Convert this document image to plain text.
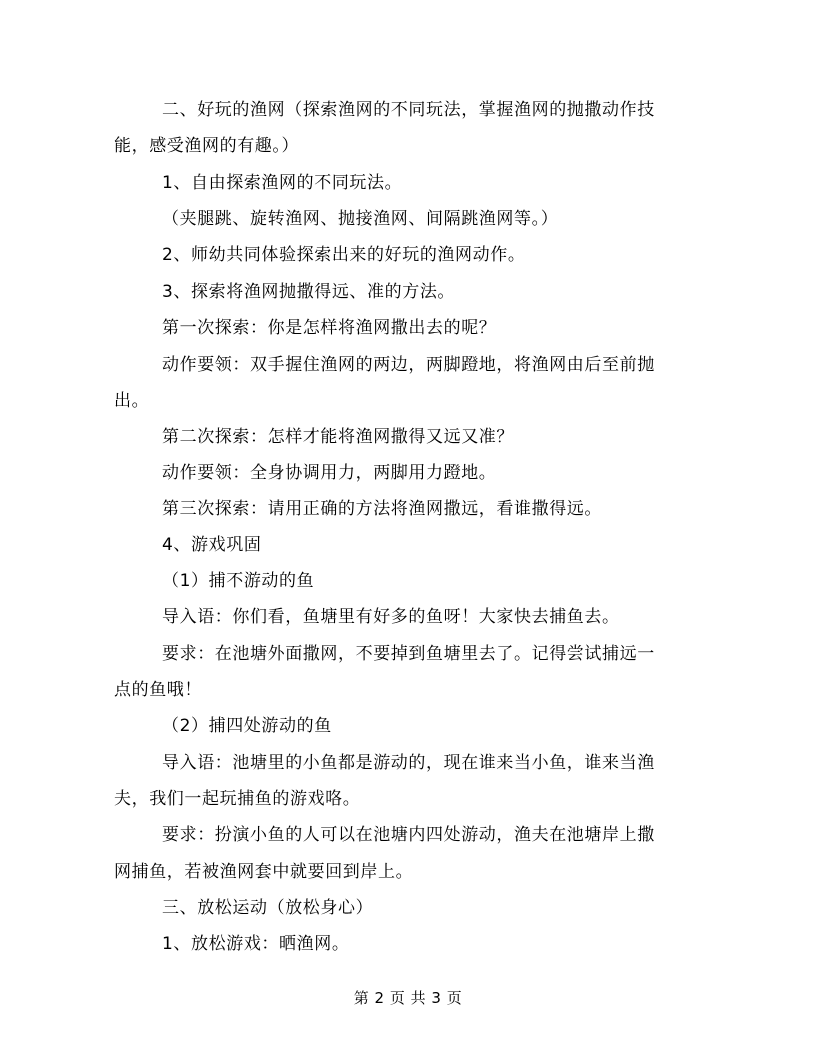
二、好玩的渔网（探索渔网的不同玩法，掌握渔网的抛撒动作技
能，感受渔网的有趣。）
1、自由探索渔网的不同玩法。
（夹腿跳、旋转渔网、抛接渔网、间隔跳渔网等。）
2、师幼共同体验探索出来的好玩的渔网动作。
3、探索将渔网抛撒得远、准的方法。
第一次探索：你是怎样将渔网撒出去的呢？
动作要领：双手握住渔网的两边，两脚蹬地，将渔网由后至前抛
出。
第二次探索：怎样才能将渔网撒得又远又准？
动作要领：全身协调用力，两脚用力蹬地。
第三次探索：请用正确的方法将渔网撒远，看谁撒得远。
4、游戏巩固
（1）捕不游动的鱼
导入语：你们看，鱼塘里有好多的鱼呀！大家快去捕鱼去。
要求：在池塘外面撒网，不要掉到鱼塘里去了。记得尝试捕远一
点的鱼哦！
（2）捕四处游动的鱼
导入语：池塘里的小鱼都是游动的，现在谁来当小鱼，谁来当渔
夫，我们一起玩捕鱼的游戏咯。
要求：扮演小鱼的人可以在池塘内四处游动，渔夫在池塘岸上撒
网捕鱼，若被渔网套中就要回到岸上。
三、放松运动（放松身心）
1、放松游戏：晒渔网。
第 2 页 共 3 页
